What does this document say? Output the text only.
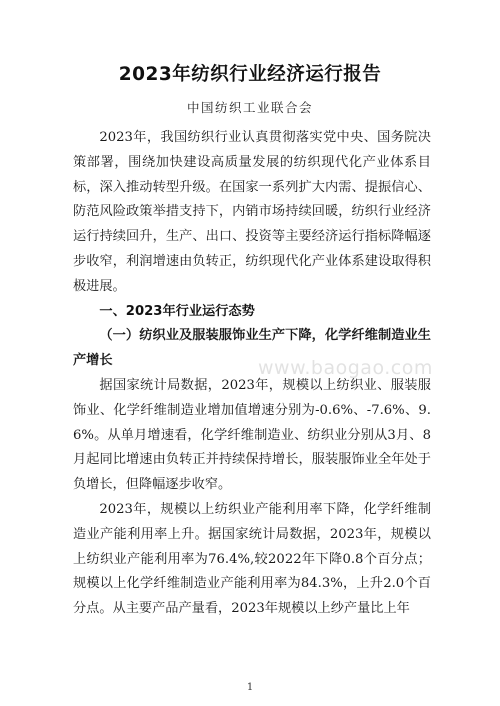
2023年纺织行业经济运行报告
中国纺织工业联合会

2023年，我国纺织行业认真贯彻落实党中央、国务院决策部署，围绕加快建设高质量发展的纺织现代化产业体系目标，深入推动转型升级。在国家一系列扩大内需、提振信心、防范风险政策举措支持下，内销市场持续回暖，纺织行业经济运行持续回升，生产、出口、投资等主要经济运行指标降幅逐步收窄，利润增速由负转正，纺织现代化产业体系建设取得积极进展。

一、2023年行业运行态势

（一）纺织业及服装服饰业生产下降，化学纤维制造业生产增长

据国家统计局数据，2023年，规模以上纺织业、服装服饰业、化学纤维制造业增加值增速分别为-0.6%、-7.6%、9.6%。从单月增速看，化学纤维制造业、纺织业分别从3月、8月起同比增速由负转正并持续保持增长，服装服饰业全年处于负增长，但降幅逐步收窄。

2023年，规模以上纺织业产能利用率下降，化学纤维制造业产能利用率上升。据国家统计局数据，2023年，规模以上纺织业产能利用率为76.4%,较2022年下降0.8个百分点；规模以上化学纤维制造业产能利用率为84.3%，上升2.0个百分点。从主要产品产量看，2023年规模以上纱产量比上年

www.baogao.com
1
